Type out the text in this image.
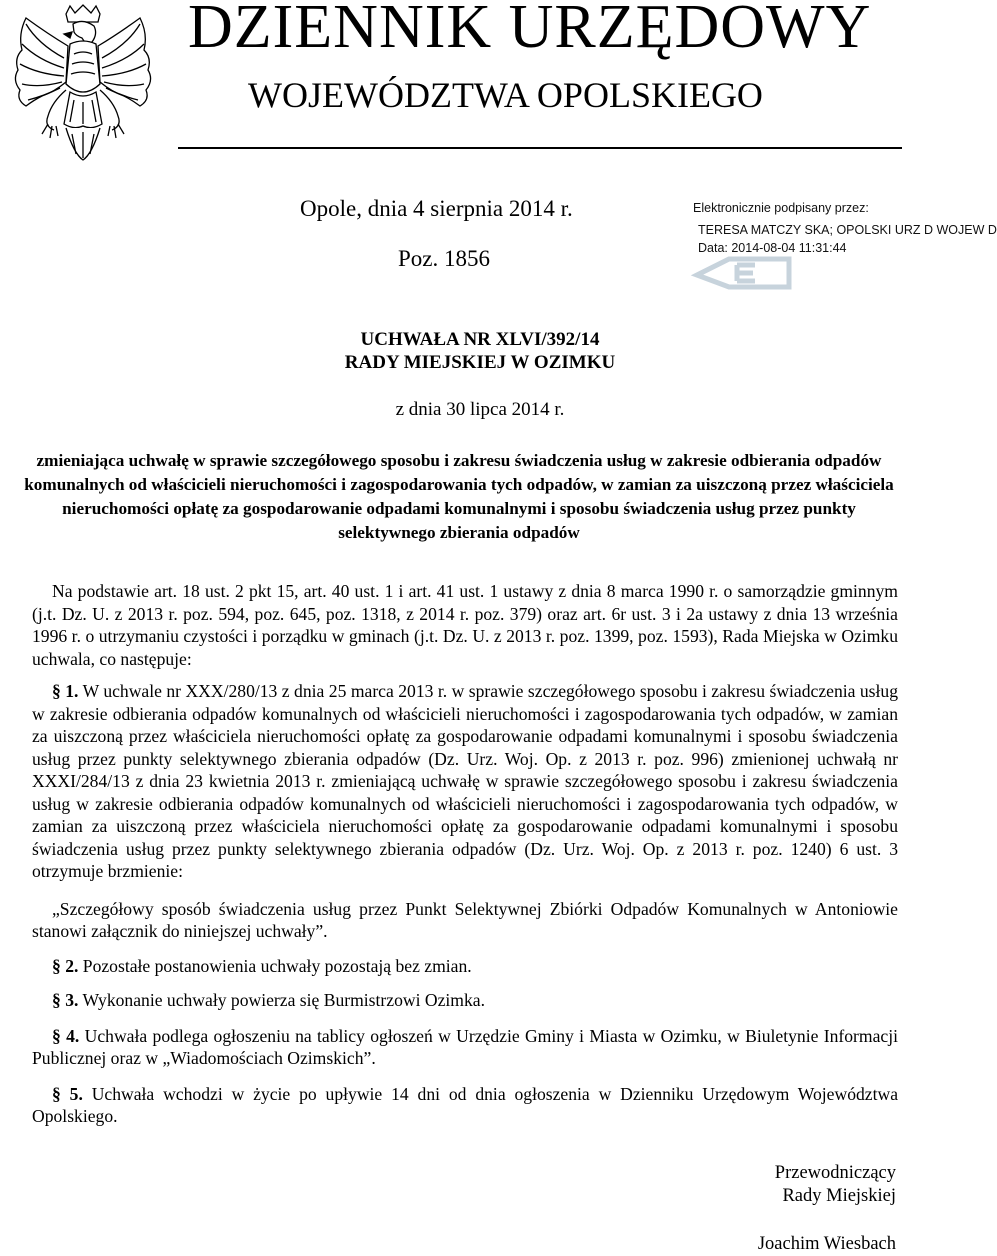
DZIENNIK URZĘDOWY
WOJEWÓDZTWA OPOLSKIEGO
Opole, dnia 4 sierpnia 2014 r.
Poz. 1856
Elektronicznie podpisany przez:
TERESA MATCZY SKA; OPOLSKI URZ D WOJEW D
Data: 2014-08-04 11:31:44
UCHWAŁA NR XLVI/392/14
RADY MIEJSKIEJ W OZIMKU
z dnia 30 lipca 2014 r.
zmieniająca uchwałę w sprawie szczegółowego sposobu i zakresu świadczenia usług w zakresie odbierania odpadów komunalnych od właścicieli nieruchomości i zagospodarowania tych odpadów, w zamian za uiszczoną przez właściciela nieruchomości opłatę za gospodarowanie odpadami komunalnymi i sposobu świadczenia usług przez punkty selektywnego zbierania odpadów

Na podstawie art. 18 ust. 2 pkt 15, art. 40 ust. 1 i art. 41 ust. 1 ustawy z dnia 8 marca 1990 r. o samorządzie gminnym (j.t. Dz. U. z 2013 r. poz. 594, poz. 645, poz. 1318, z 2014 r. poz. 379) oraz art. 6r ust. 3 i 2a ustawy z dnia 13 września 1996 r. o utrzymaniu czystości i porządku w gminach (j.t. Dz. U. z 2013 r. poz. 1399, poz. 1593), Rada Miejska w Ozimku uchwala, co następuje:

§ 1. W uchwale nr XXX/280/13 z dnia 25 marca 2013 r. w sprawie szczegółowego sposobu i zakresu świadczenia usług w zakresie odbierania odpadów komunalnych od właścicieli nieruchomości i zagospodarowania tych odpadów, w zamian za uiszczoną przez właściciela nieruchomości opłatę za gospodarowanie odpadami komunalnymi i sposobu świadczenia usług przez punkty selektywnego zbierania odpadów (Dz. Urz. Woj. Op. z 2013 r. poz. 996) zmienionej uchwałą nr XXXI/284/13 z dnia 23 kwietnia 2013 r. zmieniającą uchwałę w sprawie szczegółowego sposobu i zakresu świadczenia usług w zakresie odbierania odpadów komunalnych od właścicieli nieruchomości i zagospodarowania tych odpadów, w zamian za uiszczoną przez właściciela nieruchomości opłatę za gospodarowanie odpadami komunalnymi i sposobu świadczenia usług przez punkty selektywnego zbierania odpadów (Dz. Urz. Woj. Op. z 2013 r. poz. 1240) 6 ust. 3 otrzymuje brzmienie:

„Szczegółowy sposób świadczenia usług przez Punkt Selektywnej Zbiórki Odpadów Komunalnych w Antoniowie stanowi załącznik do niniejszej uchwały”.

§ 2. Pozostałe postanowienia uchwały pozostają bez zmian.

§ 3. Wykonanie uchwały powierza się Burmistrzowi Ozimka.

§ 4. Uchwała podlega ogłoszeniu na tablicy ogłoszeń w Urzędzie Gminy i Miasta w Ozimku, w Biuletynie Informacji Publicznej oraz w „Wiadomościach Ozimskich”.

§ 5. Uchwała wchodzi w życie po upływie 14 dni od dnia ogłoszenia w Dzienniku Urzędowym Województwa Opolskiego.

Przewodniczący
Rady Miejskiej
Joachim Wiesbach
